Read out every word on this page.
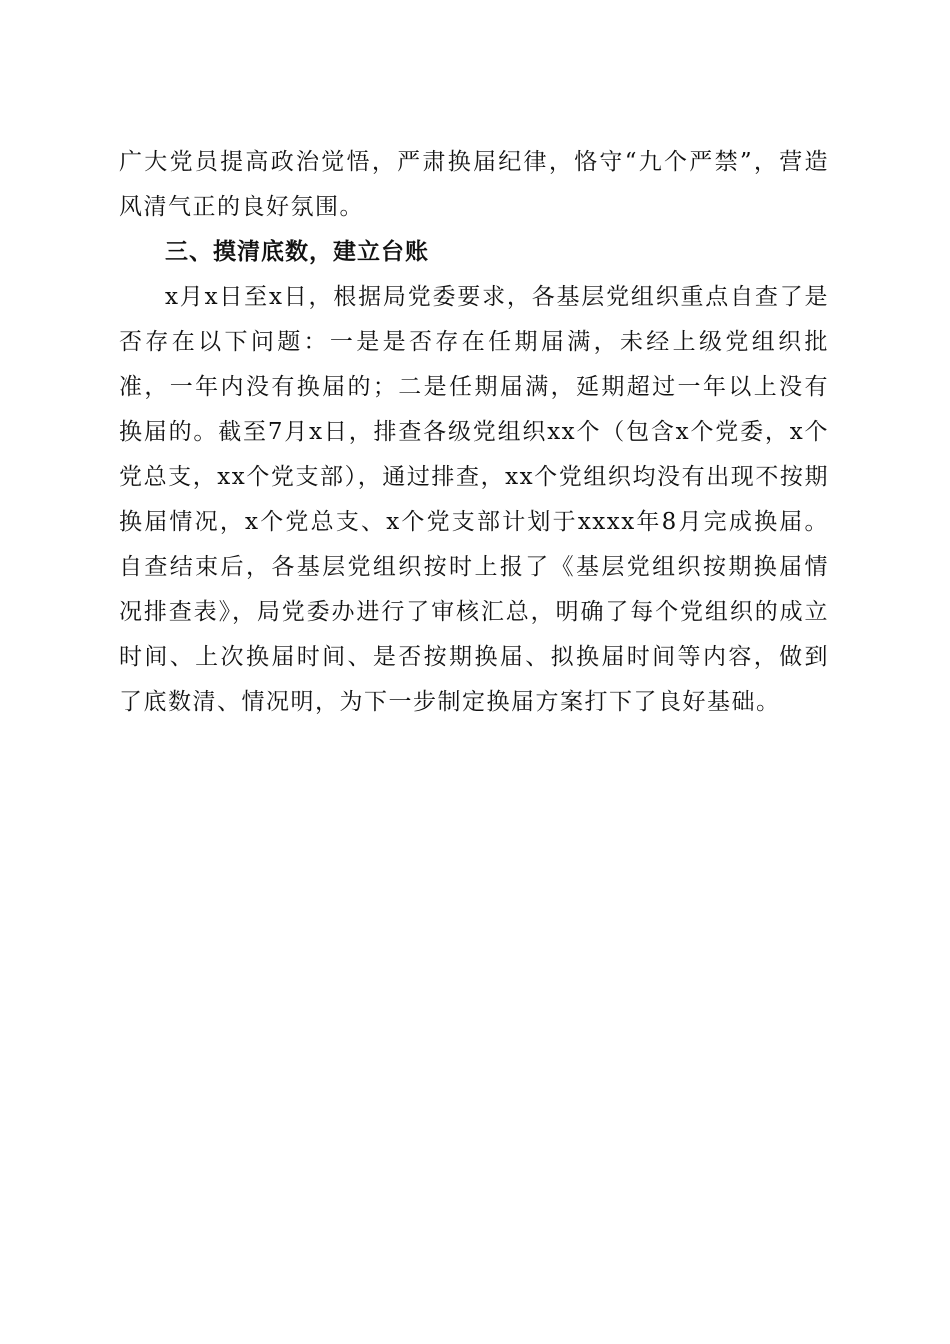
广大党员提高政治觉悟，严肃换届纪律，恪守“九个严禁”，营造风清气正的良好氛围。

三、摸清底数，建立台账

x月x日至x日，根据局党委要求，各基层党组织重点自查了是否存在以下问题：一是是否存在任期届满，未经上级党组织批准，一年内没有换届的；二是任期届满，延期超过一年以上没有换届的。截至7月x日，排查各级党组织xx个（包含x个党委，x个党总支，xx个党支部），通过排查，xx个党组织均没有出现不按期换届情况，x个党总支、x个党支部计划于xxxx年8月完成换届。自查结束后，各基层党组织按时上报了《基层党组织按期换届情况排查表》，局党委办进行了审核汇总，明确了每个党组织的成立时间、上次换届时间、是否按期换届、拟换届时间等内容，做到了底数清、情况明，为下一步制定换届方案打下了良好基础。
